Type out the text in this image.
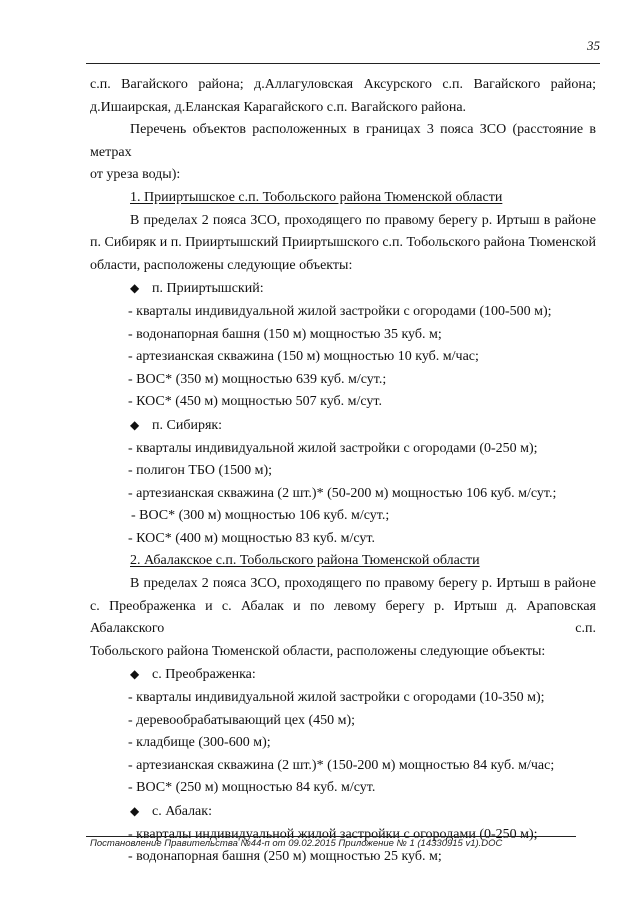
35

с.п. Вагайского района; д.Аллагуловская Аксурского с.п. Вагайского района;

д.Ишаирская, д.Еланская Карагайского с.п. Вагайского района.

Перечень объектов расположенных в границах 3 пояса ЗСО (расстояние в метрах

от уреза воды):

1. Прииртышское с.п. Тобольского района Тюменской области

В пределах 2 пояса ЗСО, проходящего по правому берегу р. Иртыш в районе

п. Сибиряк и п. Прииртышский Прииртышского с.п. Тобольского района Тюменской

области, расположены следующие объекты:

◆ п. Прииртышский:

- кварталы индивидуальной жилой застройки с огородами (100-500 м);

- водонапорная башня (150 м) мощностью 35 куб. м;

- артезианская скважина (150 м) мощностью 10 куб. м/час;

- ВОС* (350 м) мощностью 639 куб. м/сут.;

- КОС* (450 м) мощностью 507 куб. м/сут.

◆ п. Сибиряк:

- кварталы индивидуальной жилой застройки с огородами (0-250 м);

- полигон ТБО (1500 м);

- артезианская скважина (2 шт.)* (50-200 м) мощностью 106 куб. м/сут.;

- ВОС* (300 м) мощностью 106 куб. м/сут.;

- КОС* (400 м) мощностью 83 куб. м/сут.

2. Абалакское с.п. Тобольского района Тюменской области

В пределах 2 пояса ЗСО, проходящего по правому берегу р. Иртыш в районе

с. Преображенка и с. Абалак и по левому берегу р. Иртыш д. Араповская Абалакского с.п.

Тобольского района Тюменской области, расположены следующие объекты:

◆ с. Преображенка:

- кварталы индивидуальной жилой застройки с огородами (10-350 м);

- деревообрабатывающий цех (450 м);

- кладбище (300-600 м);

- артезианская скважина (2 шт.)* (150-200 м) мощностью 84 куб. м/час;

- ВОС* (250 м) мощностью 84 куб. м/сут.

◆ с. Абалак:

- кварталы индивидуальной жилой застройки с огородами (0-250 м);

- водонапорная башня (250 м) мощностью 25 куб. м;

Постановление Правительства №44-п от 09.02.2015 Приложение № 1 (14330915 v1).DOC
